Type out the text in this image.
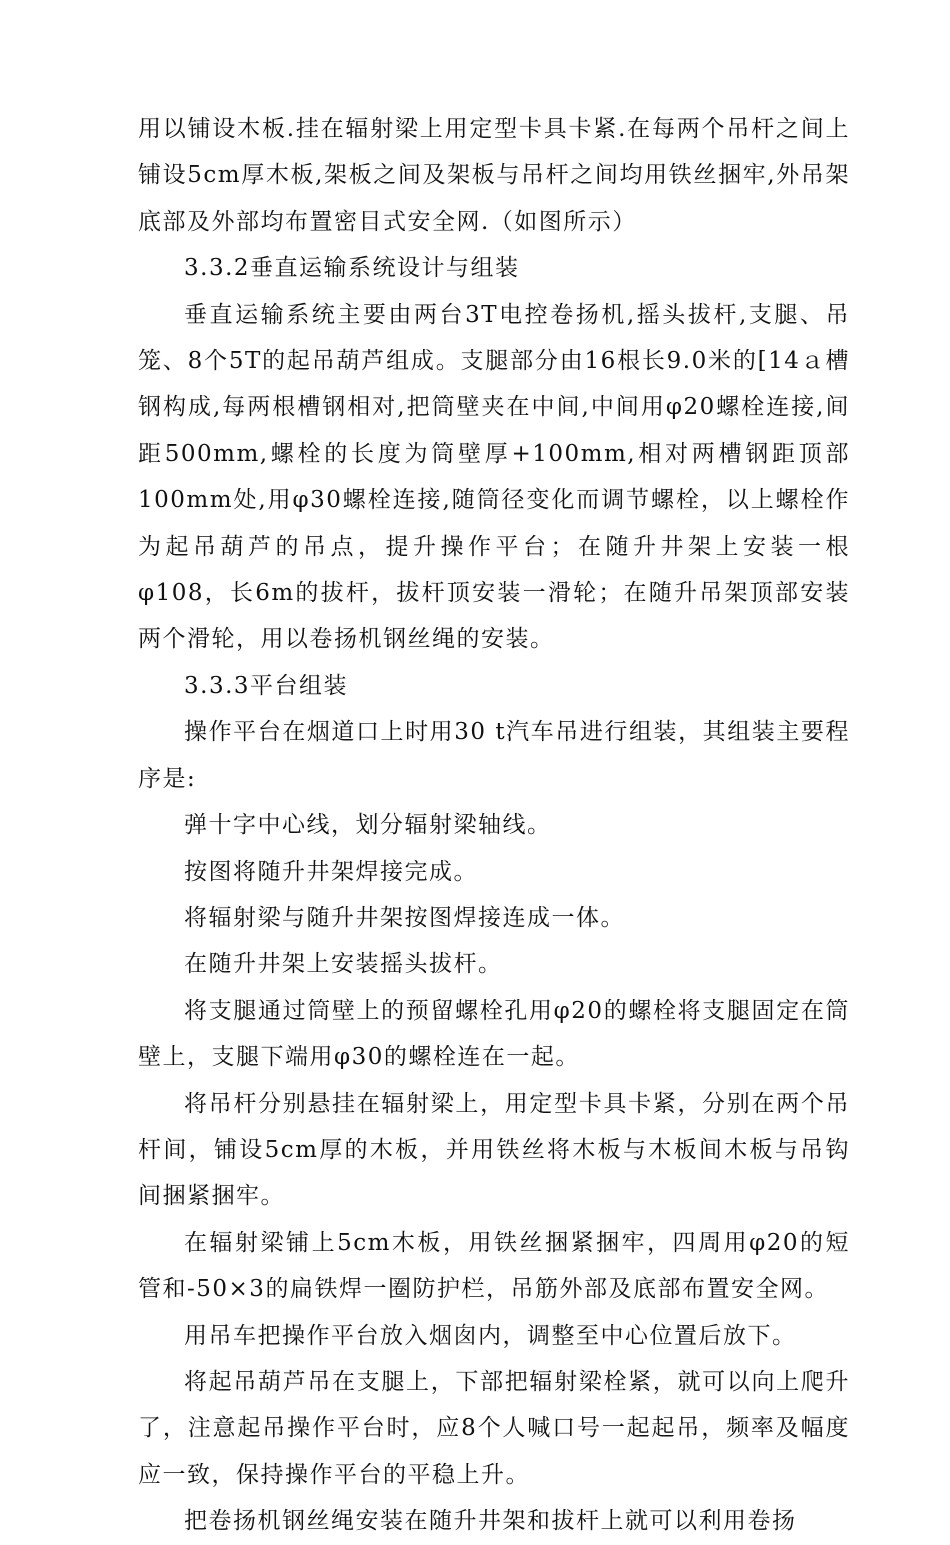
用以铺设木板.挂在辐射梁上用定型卡具卡紧.在每两个吊杆之间上铺设5cm厚木板,架板之间及架板与吊杆之间均用铁丝捆牢,外吊架底部及外部均布置密目式安全网.（如图所示）

3.3.2垂直运输系统设计与组装

垂直运输系统主要由两台3T电控卷扬机,摇头拔杆,支腿、吊笼、8个5T的起吊葫芦组成。支腿部分由16根长9.0米的[14ａ槽钢构成,每两根槽钢相对,把筒壁夹在中间,中间用φ20螺栓连接,间距500mm,螺栓的长度为筒壁厚+100mm,相对两槽钢距顶部100mm处,用φ30螺栓连接,随筒径变化而调节螺栓，以上螺栓作为起吊葫芦的吊点，提升操作平台；在随升井架上安装一根φ108，长6m的拔杆，拔杆顶安装一滑轮；在随升吊架顶部安装两个滑轮，用以卷扬机钢丝绳的安装。

3.3.3平台组装

操作平台在烟道口上时用30 t汽车吊进行组装，其组装主要程序是:

弹十字中心线，划分辐射梁轴线。

按图将随升井架焊接完成。

将辐射梁与随升井架按图焊接连成一体。

在随升井架上安装摇头拔杆。

将支腿通过筒壁上的预留螺栓孔用φ20的螺栓将支腿固定在筒壁上，支腿下端用φ30的螺栓连在一起。

将吊杆分别悬挂在辐射梁上，用定型卡具卡紧，分别在两个吊杆间，铺设5cm厚的木板，并用铁丝将木板与木板间木板与吊钩间捆紧捆牢。

在辐射梁铺上5cm木板，用铁丝捆紧捆牢，四周用φ20的短管和-50×3的扁铁焊一圈防护栏，吊筋外部及底部布置安全网。

用吊车把操作平台放入烟囱内，调整至中心位置后放下。

将起吊葫芦吊在支腿上，下部把辐射梁栓紧，就可以向上爬升了，注意起吊操作平台时，应8个人喊口号一起起吊，频率及幅度应一致，保持操作平台的平稳上升。

把卷扬机钢丝绳安装在随升井架和拔杆上就可以利用卷扬
